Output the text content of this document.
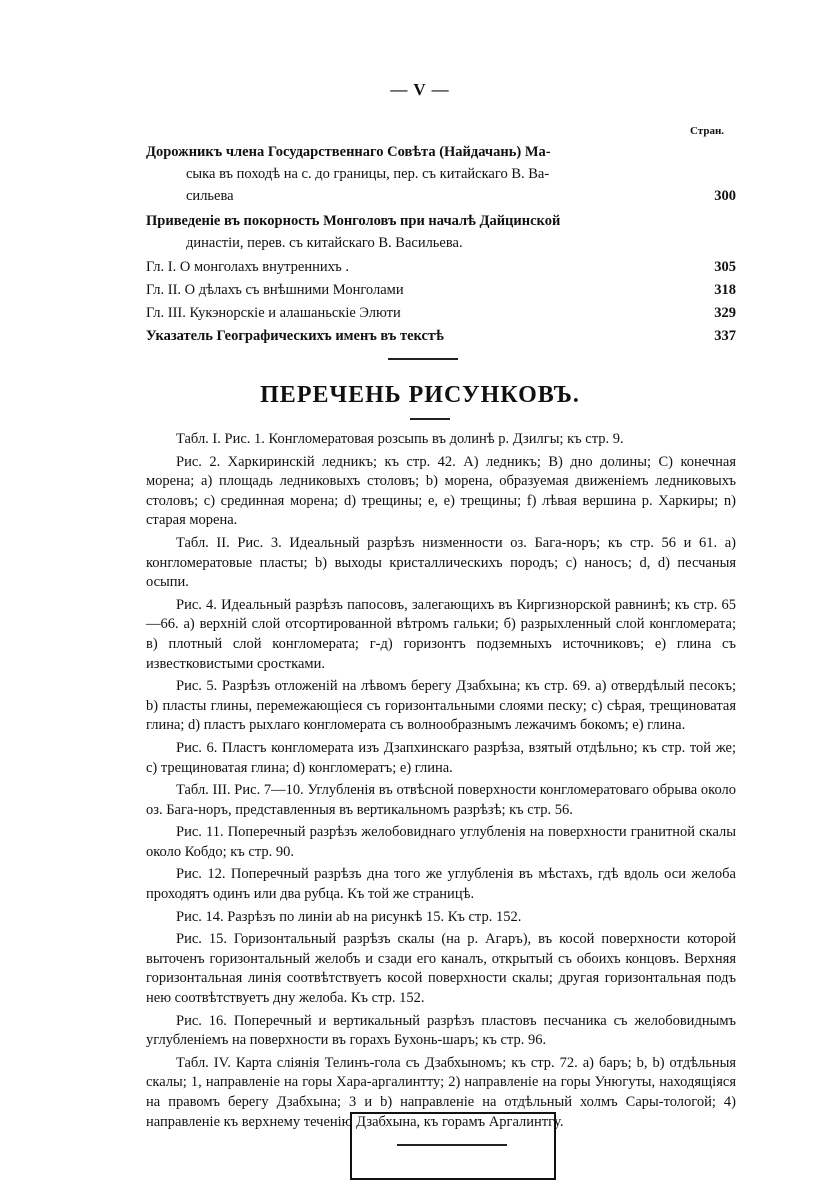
— V —
Стран.
Дорожникъ члена Государственнаго Совѣта (Найдачань) Ма-
сыка въ походѣ на с. до границы, пер. съ китайскаго В. Ва-
сильева	300
Приведеніе въ покорность Монголовъ при началѣ Дайцинской
династіи, перев. съ китайскаго В. Васильева.
Гл. I. О монголахъ внутреннихъ .	305
Гл. II. О дѣлахъ съ внѣшними Монголами	318
Гл. III. Кукэнорскіе и алашаньскіе Элюти	329
Указатель Географическихъ именъ въ текстѣ	337
ПЕРЕЧЕНЬ РИСУНКОВЪ.

Табл. I. Рис. 1. Конгломератовая розсыпь въ долинѣ р. Дзилгы; къ стр. 9.

Рис. 2. Харкиринскій ледникъ; къ стр. 42. A) ледникъ; B) дно долины; C) конечная морена; a) площадь ледниковыхъ столовъ; b) морена, образуемая движеніемъ ледниковыхъ столовъ; c) срединная морена; d) трещины; e, e) трещины; f) лѣвая вершина р. Харкиры; n) старая морена.

Табл. II. Рис. 3. Идеальный разрѣзъ низменности оз. Бага-норъ; къ стр. 56 и 61. a) конгломератовые пласты; b) выходы кристаллическихъ породъ; c) наносъ; d, d) песчаныя осыпи.

Рис. 4. Идеальный разрѣзъ папосовъ, залегающихъ въ Киргизнорской равнинѣ; къ стр. 65—66. a) верхній слой отсортированной вѣтромъ гальки; б) разрыхленный слой конгломерата; в) плотный слой конгломерата; г-д) горизонтъ подземныхъ источниковъ; е) глина съ известковистыми сростками.

Рис. 5. Разрѣзъ отложеній на лѣвомъ берегу Дзабхына; къ стр. 69. a) отвердѣлый песокъ; b) пласты глины, перемежающіеся съ горизонтальными слоями песку; c) сѣрая, трещиноватая глина; d) пластъ рыхлаго конгломерата съ волнообразнымъ лежачимъ бокомъ; e) глина.

Рис. 6. Пластъ конгломерата изъ Дзапхинскаго разрѣза, взятый отдѣльно; къ стр. той же; c) трещиноватая глина; d) конгломератъ; e) глина.

Табл. III. Рис. 7—10. Углубленія въ отвѣсной поверхности конгломератоваго обрыва около оз. Бага-норъ, представленныя въ вертикальномъ разрѣзѣ; къ стр. 56.

Рис. 11. Поперечный разрѣзъ желобовиднаго углубленія на поверхности гранитной скалы около Кобдо; къ стр. 90.

Рис. 12. Поперечный разрѣзъ дна того же углубленія въ мѣстахъ, гдѣ вдоль оси желоба проходятъ одинъ или два рубца. Къ той же страницѣ.

Рис. 14. Разрѣзъ по линіи ab на рисункѣ 15. Къ стр. 152.

Рис. 15. Горизонтальный разрѣзъ скалы (на р. Агаръ), въ косой поверхности которой выточенъ горизонтальный желобъ и сзади его каналъ, открытый съ обоихъ концовъ. Верхняя горизонтальная линія соотвѣтствуетъ косой поверхности скалы; другая горизонтальная подъ нею соотвѣтствуетъ дну желоба. Къ стр. 152.

Рис. 16. Поперечный и вертикальный разрѣзъ пластовъ песчаника съ желобовиднымъ углубленіемъ на поверхности въ горахъ Бухонь-шаръ; къ стр. 96.

Табл. IV. Карта сліянія Телинъ-гола съ Дзабхыномъ; къ стр. 72. a) баръ; b, b) отдѣльныя скалы; 1, направленіе на горы Хара-аргалинтту; 2) направленіе на горы Унюгуты, находящіяся на правомъ берегу Дзабхына; 3 и b) направленіе на отдѣльный холмъ Сары-тологой; 4) направленіе къ верхнему теченію Дзабхына, къ горамъ Аргалинтгу.
